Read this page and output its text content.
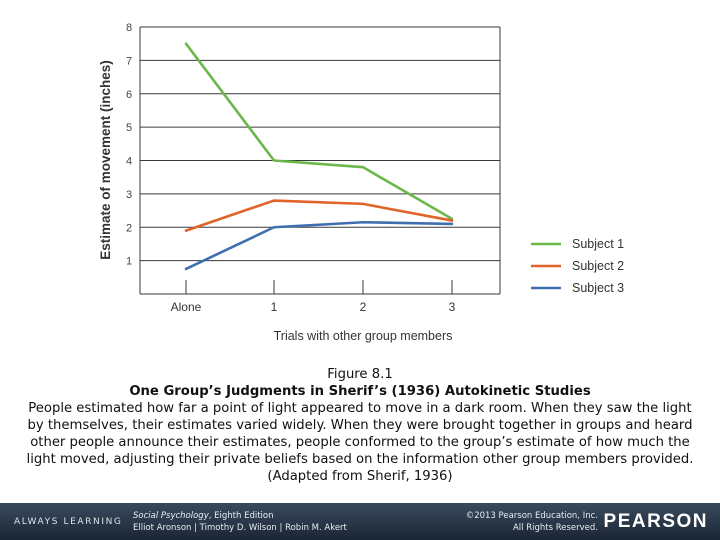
1
2
3
4
5
6
7
8
Alone	1	2	3
Subject 1
Subject 2
Subject 3
Estimate of movement (inches)
Trials with other group members
Figure 8.1
One Group’s Judgments in Sherif’s (1936) Autokinetic Studies
People estimated how far a point of light appeared to move in a dark room. When they saw the light by themselves, their estimates varied widely. When they were brought together in groups and heard other people announce their estimates, people conformed to the group’s estimate of how much the light moved, adjusting their private beliefs based on the information other group members provided. (Adapted from Sherif, 1936)
ALWAYS LEARNING
Social Psychology, Eighth Edition
Elliot Aronson | Timothy D. Wilson | Robin M. Akert
©2013 Pearson Education, Inc.
All Rights Reserved. PEARSON
